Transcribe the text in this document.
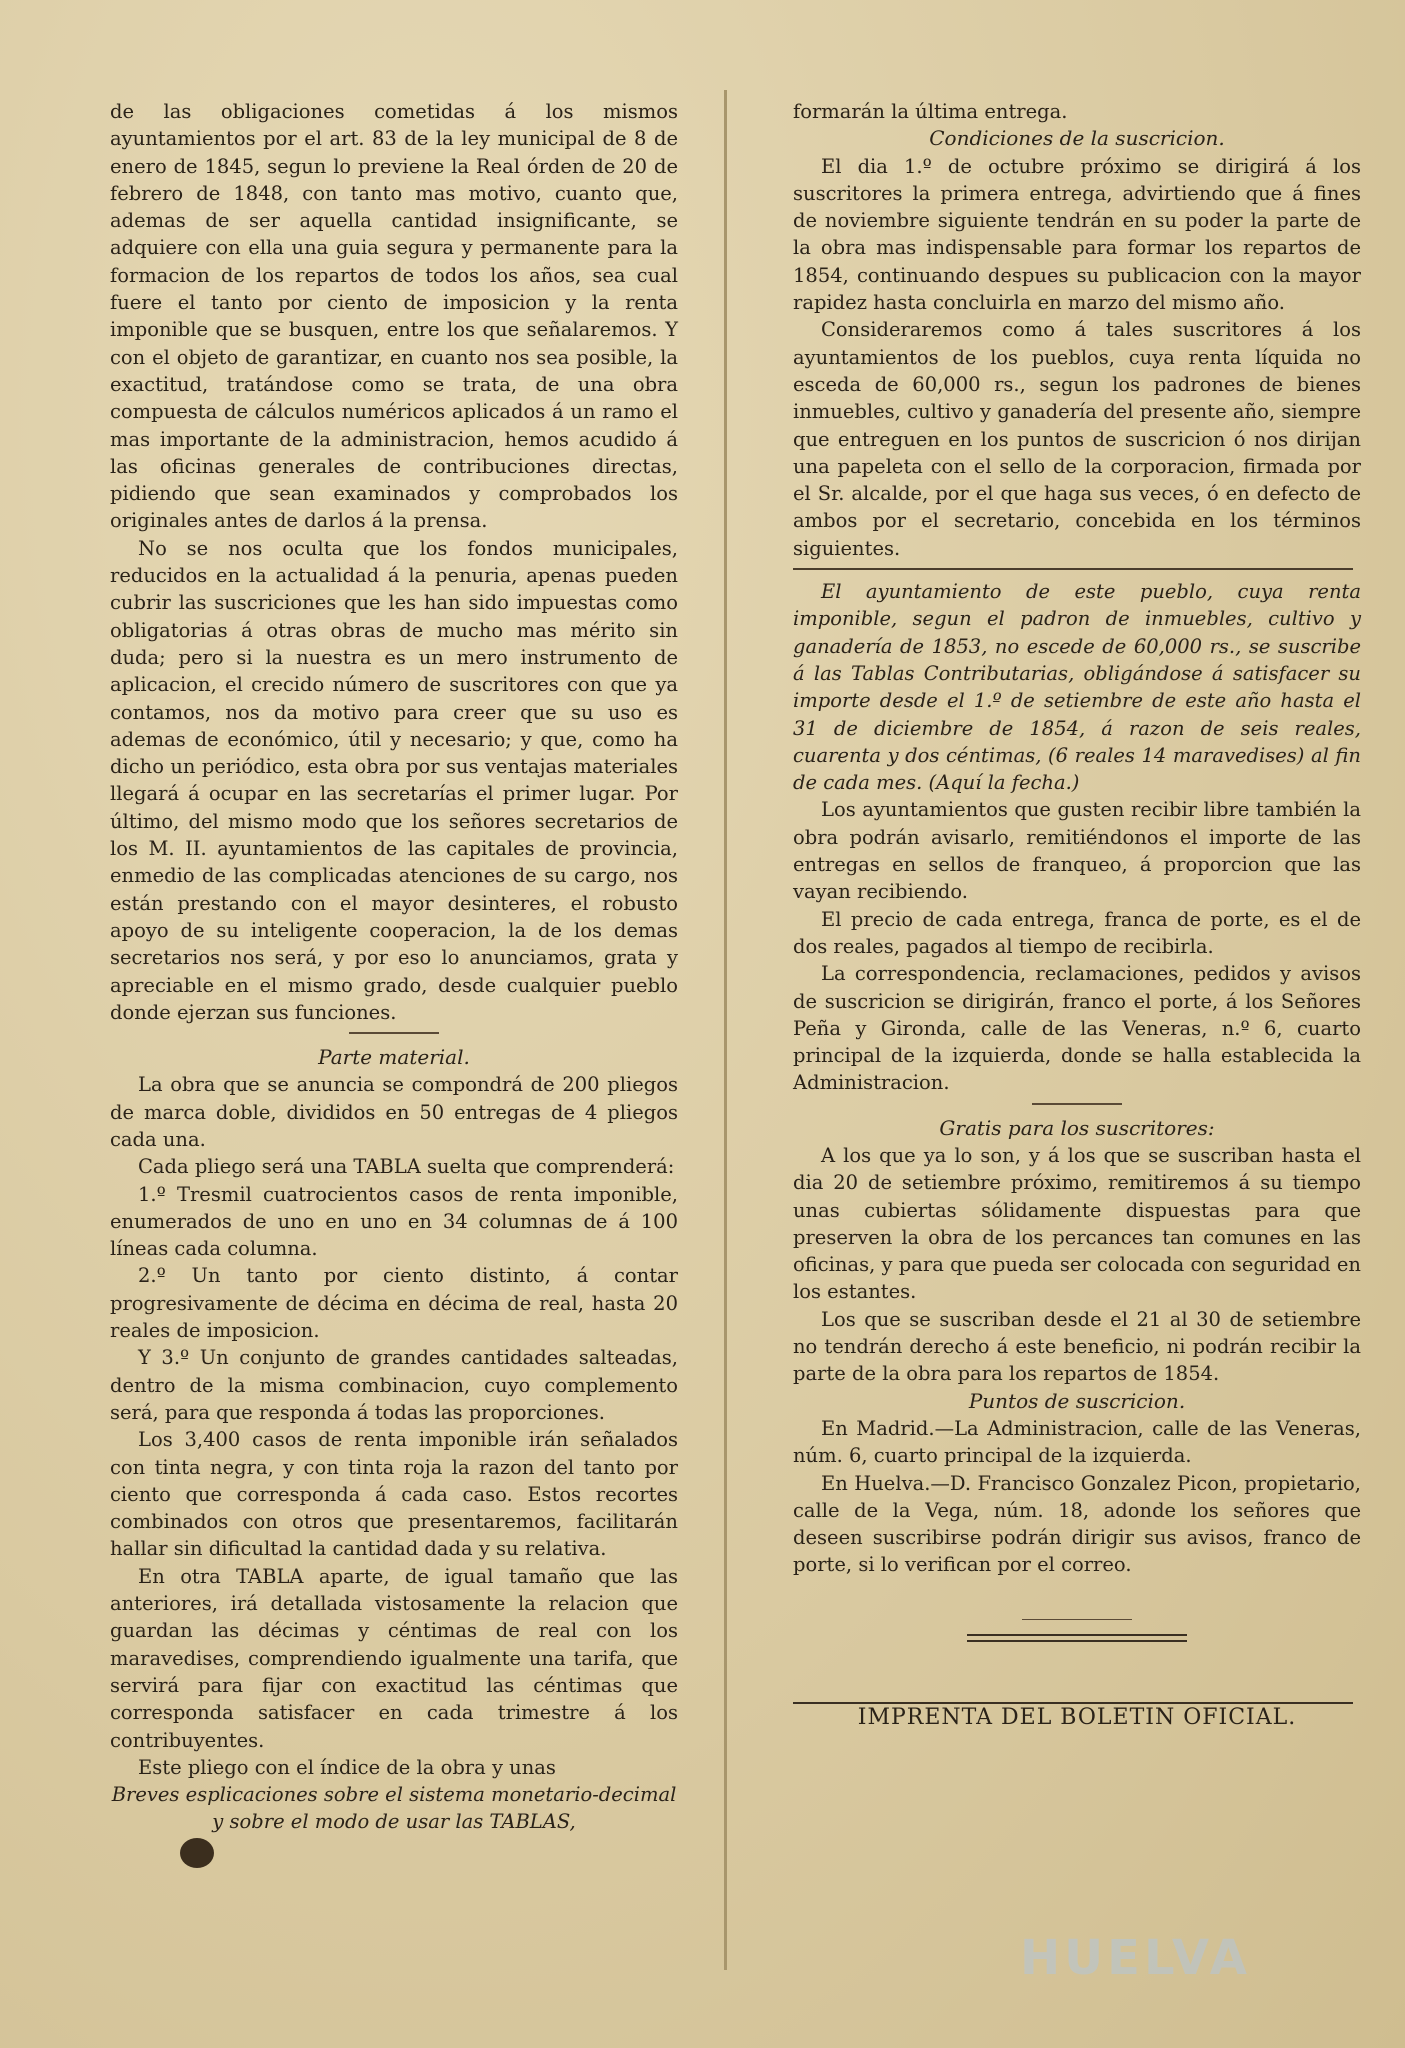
de las obligaciones cometidas á los mismos ayuntamientos por el art. 83 de la ley municipal de 8 de enero de 1845, segun lo previene la Real órden de 20 de febrero de 1848, con tanto mas motivo, cuanto que, ademas de ser aquella cantidad insignificante, se adquiere con ella una guia segura y permanente para la formacion de los repartos de todos los años, sea cual fuere el tanto por ciento de imposicion y la renta imponible que se busquen, entre los que señalaremos. Y con el objeto de garantizar, en cuanto nos sea posible, la exactitud, tratándose como se trata, de una obra compuesta de cálculos numéricos aplicados á un ramo el mas importante de la administracion, hemos acudido á las oficinas generales de contribuciones directas, pidiendo que sean examinados y comprobados los originales antes de darlos á la prensa.

No se nos oculta que los fondos municipales, reducidos en la actualidad á la penuria, apenas pueden cubrir las suscriciones que les han sido impuestas como obligatorias á otras obras de mucho mas mérito sin duda; pero si la nuestra es un mero instrumento de aplicacion, el crecido número de suscritores con que ya contamos, nos da motivo para creer que su uso es ademas de económico, útil y necesario; y que, como ha dicho un periódico, esta obra por sus ventajas materiales llegará á ocupar en las secretarías el primer lugar. Por último, del mismo modo que los señores secretarios de los M. II. ayuntamientos de las capitales de provincia, enmedio de las complicadas atenciones de su cargo, nos están prestando con el mayor desinteres, el robusto apoyo de su inteligente cooperacion, la de los demas secretarios nos será, y por eso lo anunciamos, grata y apreciable en el mismo grado, desde cualquier pueblo donde ejerzan sus funciones.

Parte material.

La obra que se anuncia se compondrá de 200 pliegos de marca doble, divididos en 50 entregas de 4 pliegos cada una.

Cada pliego será una TABLA suelta que comprenderá:

1.º Tresmil cuatrocientos casos de renta imponible, enumerados de uno en uno en 34 columnas de á 100 líneas cada columna.

2.º Un tanto por ciento distinto, á contar progresivamente de décima en décima de real, hasta 20 reales de imposicion.

Y 3.º Un conjunto de grandes cantidades salteadas, dentro de la misma combinacion, cuyo complemento será, para que responda á todas las proporciones.

Los 3,400 casos de renta imponible irán señalados con tinta negra, y con tinta roja la razon del tanto por ciento que corresponda á cada caso. Estos recortes combinados con otros que presentaremos, facilitarán hallar sin dificultad la cantidad dada y su relativa.

En otra TABLA aparte, de igual tamaño que las anteriores, irá detallada vistosamente la relacion que guardan las décimas y céntimas de real con los maravedises, comprendiendo igualmente una tarifa, que servirá para fijar con exactitud las céntimas que corresponda satisfacer en cada trimestre á los contribuyentes.

Este pliego con el índice de la obra y unas

Breves esplicaciones sobre el sistema monetario-decimal y sobre el modo de usar las TABLAS,

formarán la última entrega.

Condiciones de la suscricion.

El dia 1.º de octubre próximo se dirigirá á los suscritores la primera entrega, advirtiendo que á fines de noviembre siguiente tendrán en su poder la parte de la obra mas indispensable para formar los repartos de 1854, continuando despues su publicacion con la mayor rapidez hasta concluirla en marzo del mismo año.

Consideraremos como á tales suscritores á los ayuntamientos de los pueblos, cuya renta líquida no esceda de 60,000 rs., segun los padrones de bienes inmuebles, cultivo y ganadería del presente año, siempre que entreguen en los puntos de suscricion ó nos dirijan una papeleta con el sello de la corporacion, firmada por el Sr. alcalde, por el que haga sus veces, ó en defecto de ambos por el secretario, concebida en los términos siguientes.

El ayuntamiento de este pueblo, cuya renta imponible, segun el padron de inmuebles, cultivo y ganadería de 1853, no escede de 60,000 rs., se suscribe á las Tablas Contributarias, obligándose á satisfacer su importe desde el 1.º de setiembre de este año hasta el 31 de diciembre de 1854, á razon de seis reales, cuarenta y dos céntimas, (6 reales 14 maravedises) al fin de cada mes. (Aquí la fecha.)

Los ayuntamientos que gusten recibir libre también la obra podrán avisarlo, remitiéndonos el importe de las entregas en sellos de franqueo, á proporcion que las vayan recibiendo.

El precio de cada entrega, franca de porte, es el de dos reales, pagados al tiempo de recibirla.

La correspondencia, reclamaciones, pedidos y avisos de suscricion se dirigirán, franco el porte, á los Señores Peña y Gironda, calle de las Veneras, n.º 6, cuarto principal de la izquierda, donde se halla establecida la Administracion.

Gratis para los suscritores:

A los que ya lo son, y á los que se suscriban hasta el dia 20 de setiembre próximo, remitiremos á su tiempo unas cubiertas sólidamente dispuestas para que preserven la obra de los percances tan comunes en las oficinas, y para que pueda ser colocada con seguridad en los estantes.

Los que se suscriban desde el 21 al 30 de setiembre no tendrán derecho á este beneficio, ni podrán recibir la parte de la obra para los repartos de 1854.

Puntos de suscricion.

En Madrid.—La Administracion, calle de las Veneras, núm. 6, cuarto principal de la izquierda.

En Huelva.—D. Francisco Gonzalez Picon, propietario, calle de la Vega, núm. 18, adonde los señores que deseen suscribirse podrán dirigir sus avisos, franco de porte, si lo verifican por el correo.

IMPRENTA DEL BOLETIN OFICIAL.

HUELVA
